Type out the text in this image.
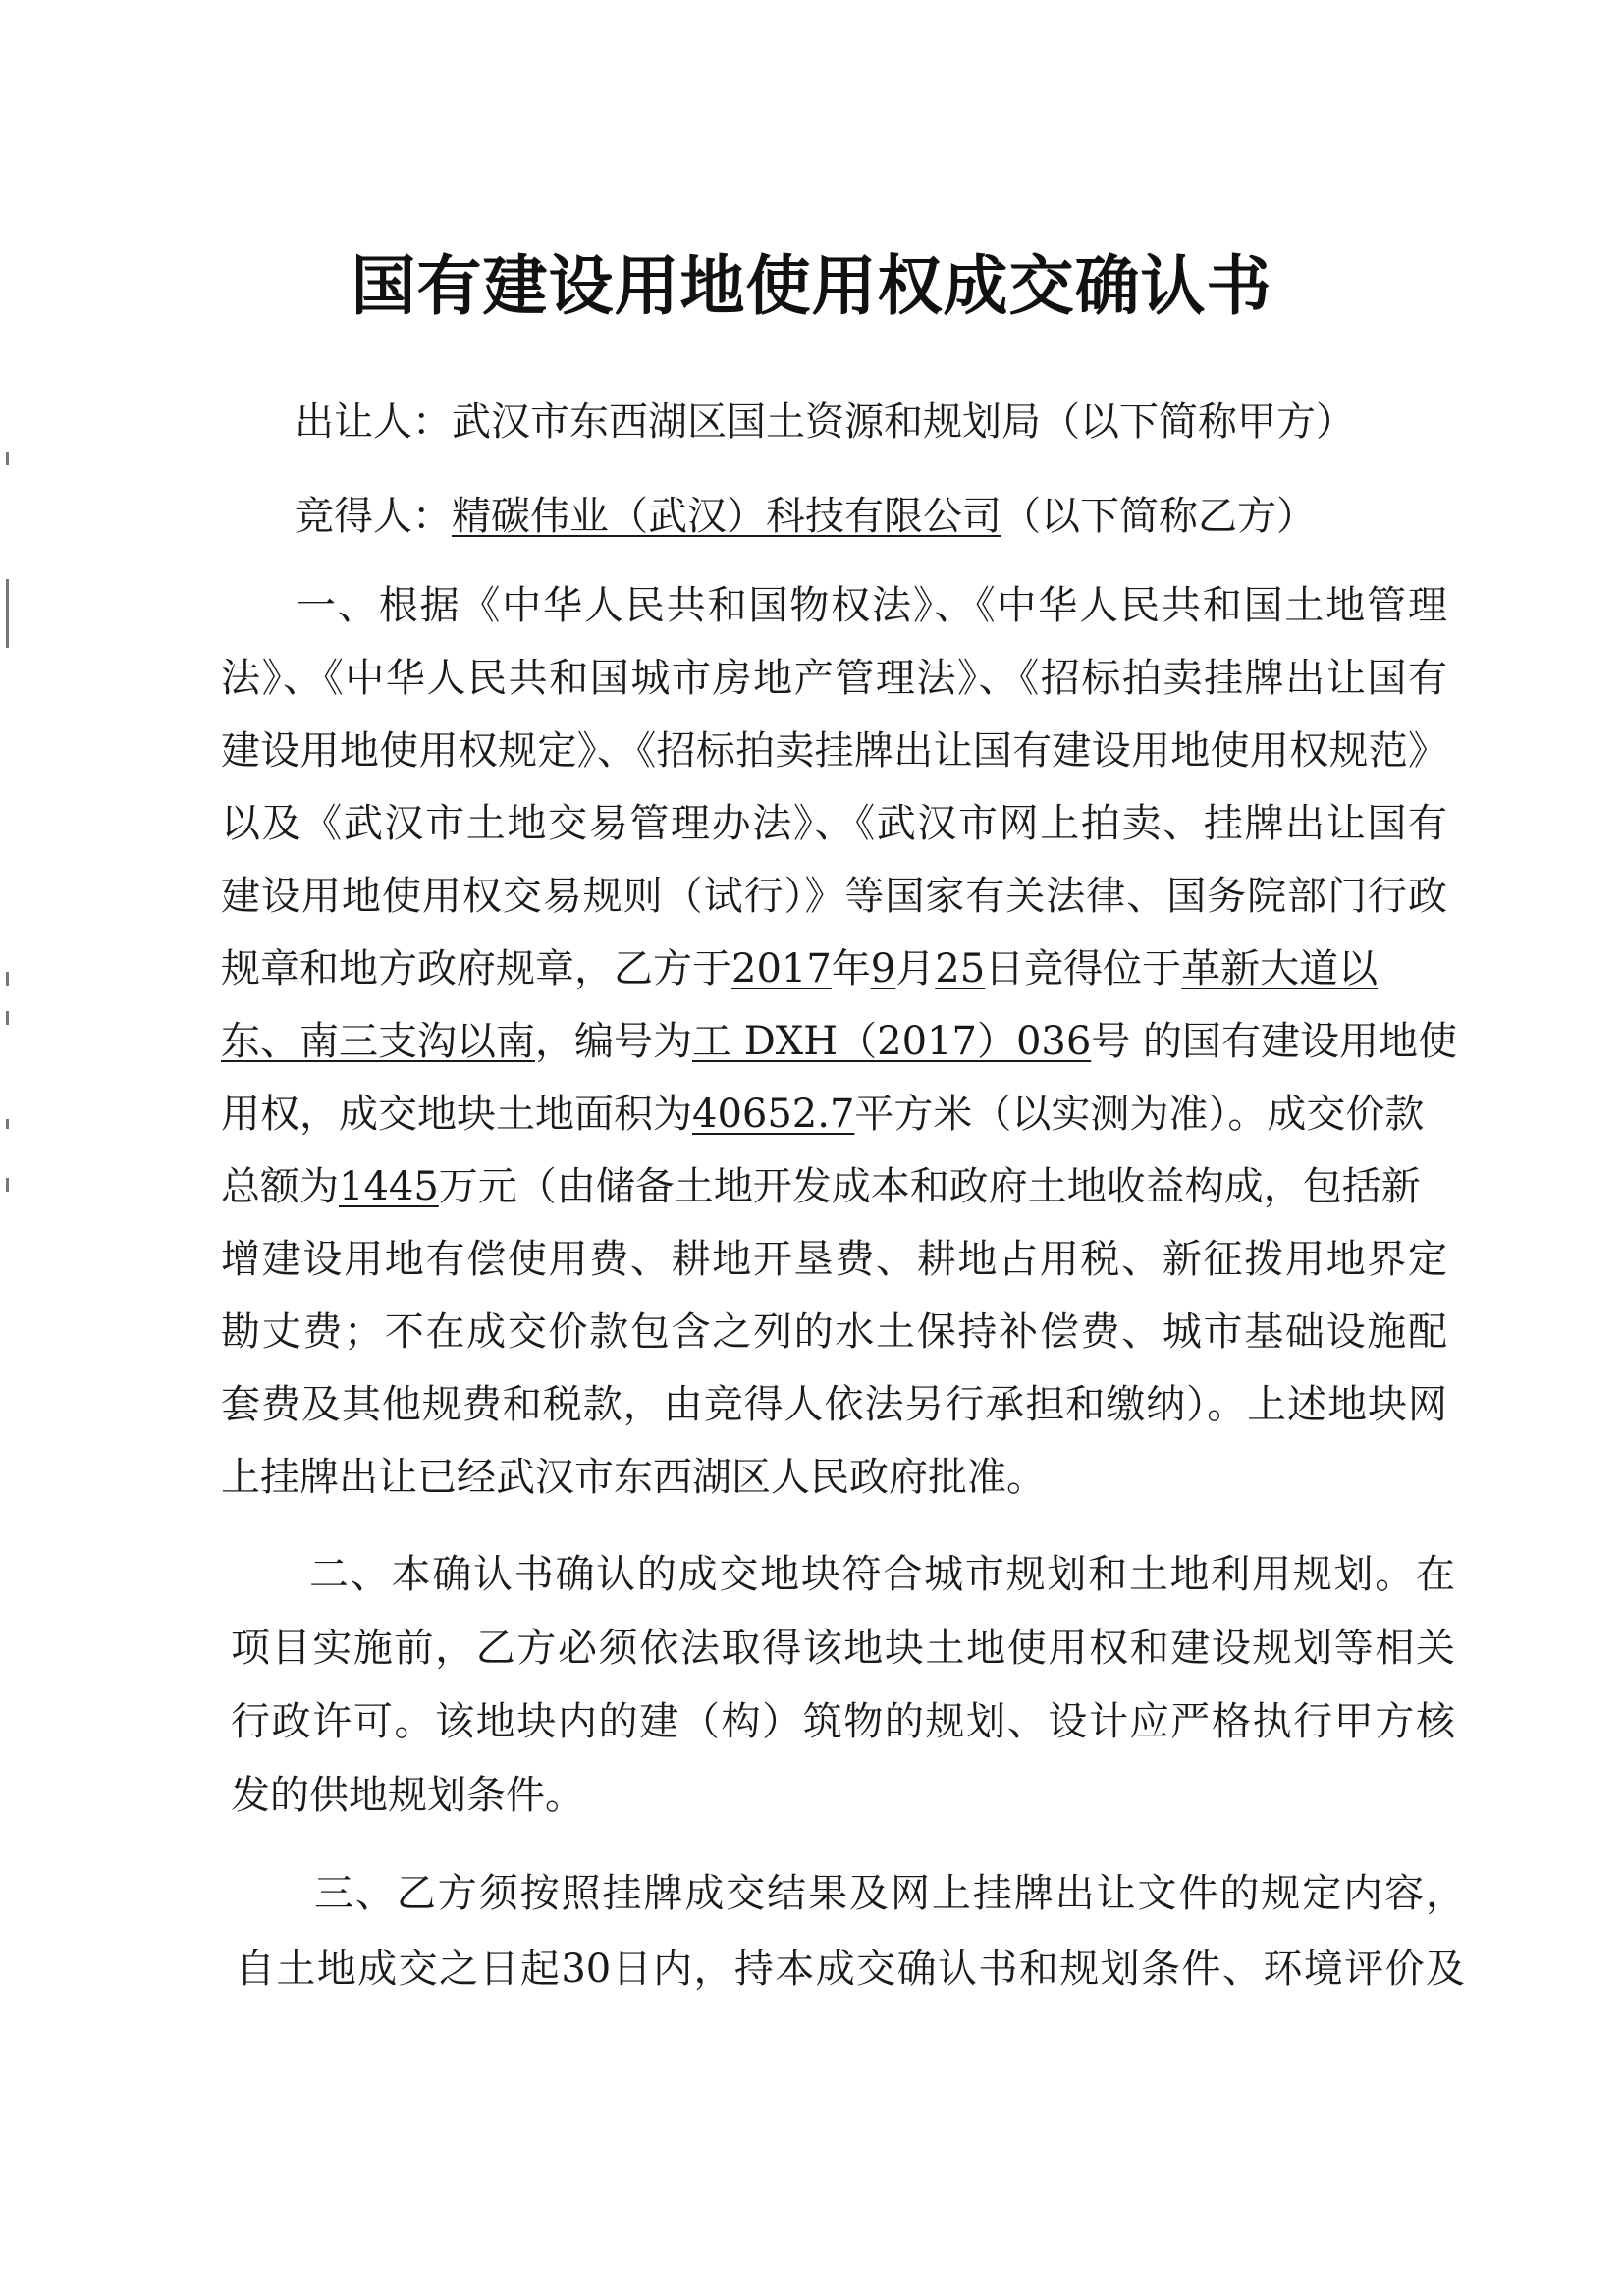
国有建设用地使用权成交确认书
出让人：武汉市东西湖区国土资源和规划局（以下简称甲方）
竞得人：精碳伟业（武汉）科技有限公司（以下简称乙方）
一、根据《中华人民共和国物权法》、《中华人民共和国土地管理
法》、《中华人民共和国城市房地产管理法》、《招标拍卖挂牌出让国有
建设用地使用权规定》、《招标拍卖挂牌出让国有建设用地使用权规范》
以及《武汉市土地交易管理办法》、《武汉市网上拍卖、挂牌出让国有
建设用地使用权交易规则（试行）》等国家有关法律、国务院部门行政
规章和地方政府规章，乙方于2017年9月25日竞得位于革新大道以
东、南三支沟以南，编号为工 DXH（2017）036号 的国有建设用地使
用权，成交地块土地面积为40652.7平方米（以实测为准）。成交价款
总额为1445万元（由储备土地开发成本和政府土地收益构成，包括新
增建设用地有偿使用费、耕地开垦费、耕地占用税、新征拨用地界定
勘丈费；不在成交价款包含之列的水土保持补偿费、城市基础设施配
套费及其他规费和税款，由竞得人依法另行承担和缴纳）。上述地块网
上挂牌出让已经武汉市东西湖区人民政府批准。
二、本确认书确认的成交地块符合城市规划和土地利用规划。在
项目实施前，乙方必须依法取得该地块土地使用权和建设规划等相关
行政许可。该地块内的建（构）筑物的规划、设计应严格执行甲方核
发的供地规划条件。
三、乙方须按照挂牌成交结果及网上挂牌出让文件的规定内容，
自土地成交之日起30日内，持本成交确认书和规划条件、环境评价及
